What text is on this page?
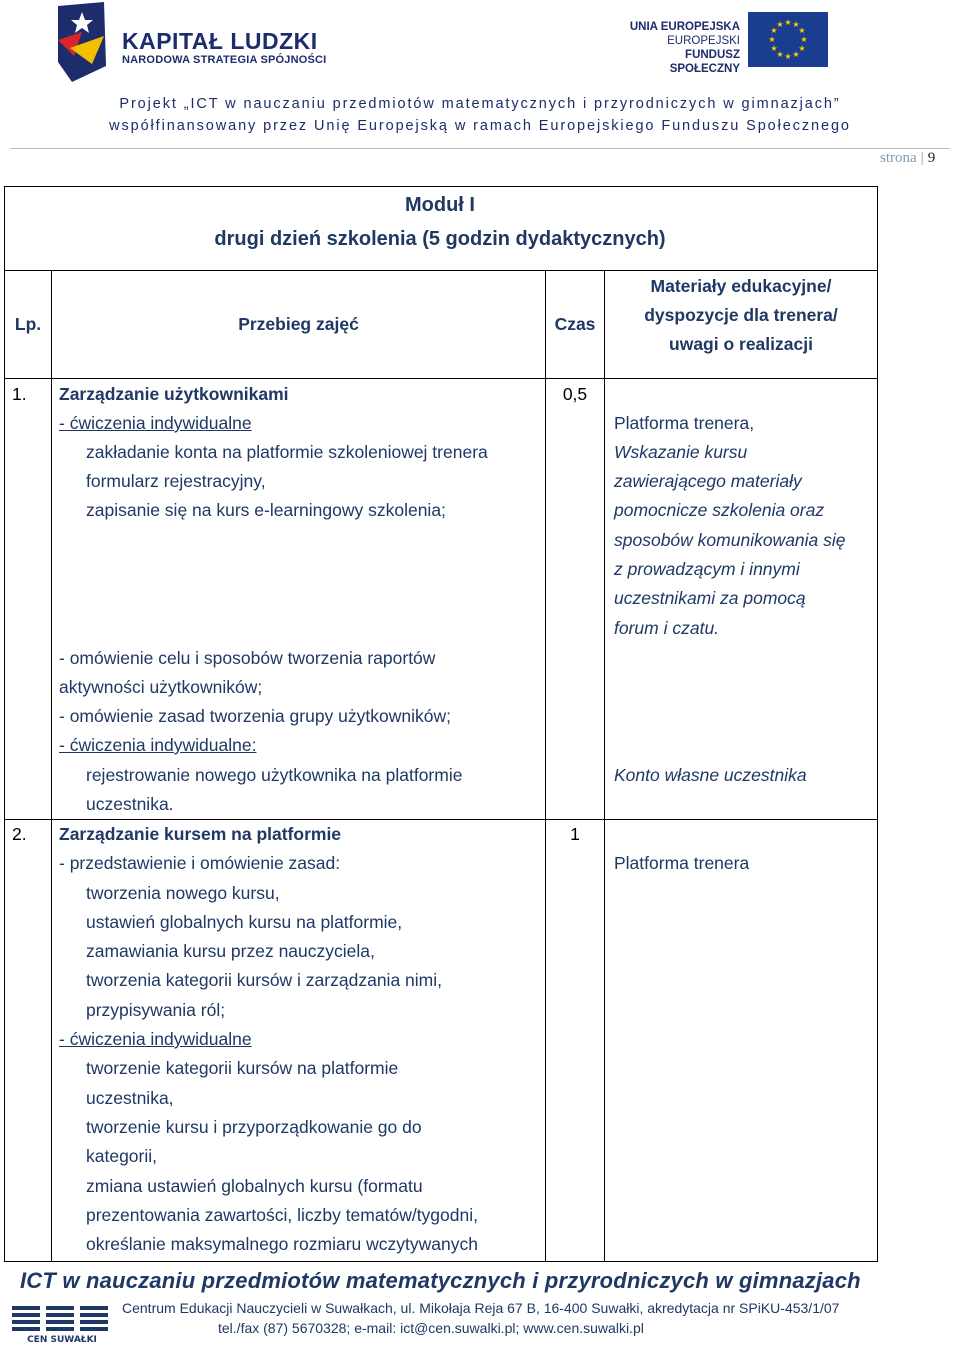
KAPITAŁ LUDZKI
NARODOWA STRATEGIA SPÓJNOŚCI
UNIA EUROPEJSKA
EUROPEJSKI
FUNDUSZ SPOŁECZNY
★ ★
★
★
★
★
★
★
★
★
★
★
Projekt „ICT w nauczaniu przedmiotów matematycznych i przyrodniczych w gimnazjach”
współfinansowany przez Unię Europejską w ramach Europejskiego Funduszu Społecznego
strona | 9
Moduł I
drugi dzień szkolenia (5 godzin dydaktycznych)
Lp.	Przebieg zajęć	Czas
Materiały edukacyjne/
dyspozycje dla trenera/
uwagi o realizacji
1. Zarządzanie użytkownikami
- ćwiczenia indywidualne
zakładanie konta na platformie szkoleniowej trenera
formularz rejestracyjny,
zapisanie się na kurs e-learningowy szkolenia;
- omówienie celu i sposobów tworzenia raportów
aktywności użytkowników;
- omówienie zasad tworzenia grupy użytkowników;
- ćwiczenia indywidualne:
rejestrowanie nowego użytkownika na platformie
uczestnika.
0,5
Platforma trenera,
Wskazanie kursu
zawierającego materiały
pomocnicze szkolenia oraz
sposobów komunikowania się
z prowadzącym i innymi
uczestnikami za pomocą
forum i czatu.
Konto własne uczestnika
2. Zarządzanie kursem na platformie
- przedstawienie i omówienie zasad:
tworzenia nowego kursu,
ustawień globalnych kursu na platformie,
zamawiania kursu przez nauczyciela,
tworzenia kategorii kursów i zarządzania nimi,
przypisywania ról;
- ćwiczenia indywidualne
tworzenie kategorii kursów na platformie
uczestnika,
tworzenie kursu i przyporządkowanie go do
kategorii,
zmiana ustawień globalnych kursu (formatu
prezentowania zawartości, liczby tematów/tygodni,
określanie maksymalnego rozmiaru wczytywanych
1
Platforma trenera
ICT w nauczaniu przedmiotów matematycznych i przyrodniczych w gimnazjach
CEN SUWAŁKI
Centrum Edukacji Nauczycieli w Suwałkach, ul. Mikołaja Reja 67 B, 16-400 Suwałki, akredytacja nr SPiKU-453/1/07
tel./fax (87) 5670328; e-mail: ict@cen.suwalki.pl; www.cen.suwalki.pl
